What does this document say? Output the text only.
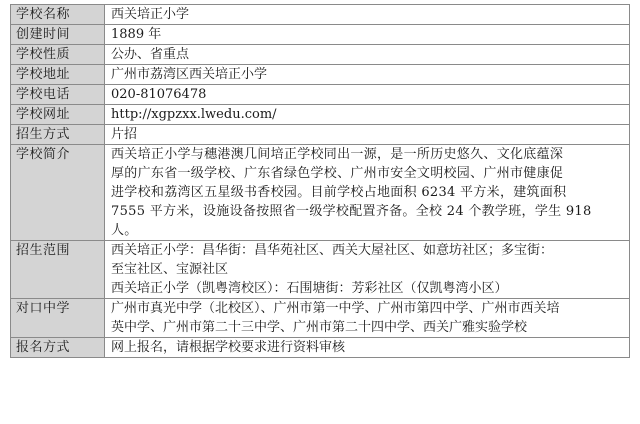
学校名称	西关培正小学
创建时间	1889 年
学校性质	公办、省重点
学校地址	广州市荔湾区西关培正小学
学校电话	020-81076478
学校网址	http://xgpzxx.lwedu.com/
招生方式	片招
学校简介	西关培正小学与穗港澳几间培正学校同出一源，是一所历史悠久、文化底蕴深
厚的广东省一级学校、广东省绿色学校、广州市安全文明校园、广州市健康促
进学校和荔湾区五星级书香校园。目前学校占地面积 6234 平方米，建筑面积
7555 平方米，设施设备按照省一级学校配置齐备。全校 24 个教学班，学生 918
人。

招生范围	西关培正小学：昌华街：昌华苑社区、西关大屋社区、如意坊社区；多宝街：
至宝社区、宝源社区
西关培正小学（凯粤湾校区）：石围塘街：芳彩社区（仅凯粤湾小区）

对口中学	广州市真光中学（北校区）、广州市第一中学、广州市第四中学、广州市西关培
英中学、广州市第二十三中学、广州市第二十四中学、西关广雅实验学校

报名方式	网上报名，请根据学校要求进行资料审核
